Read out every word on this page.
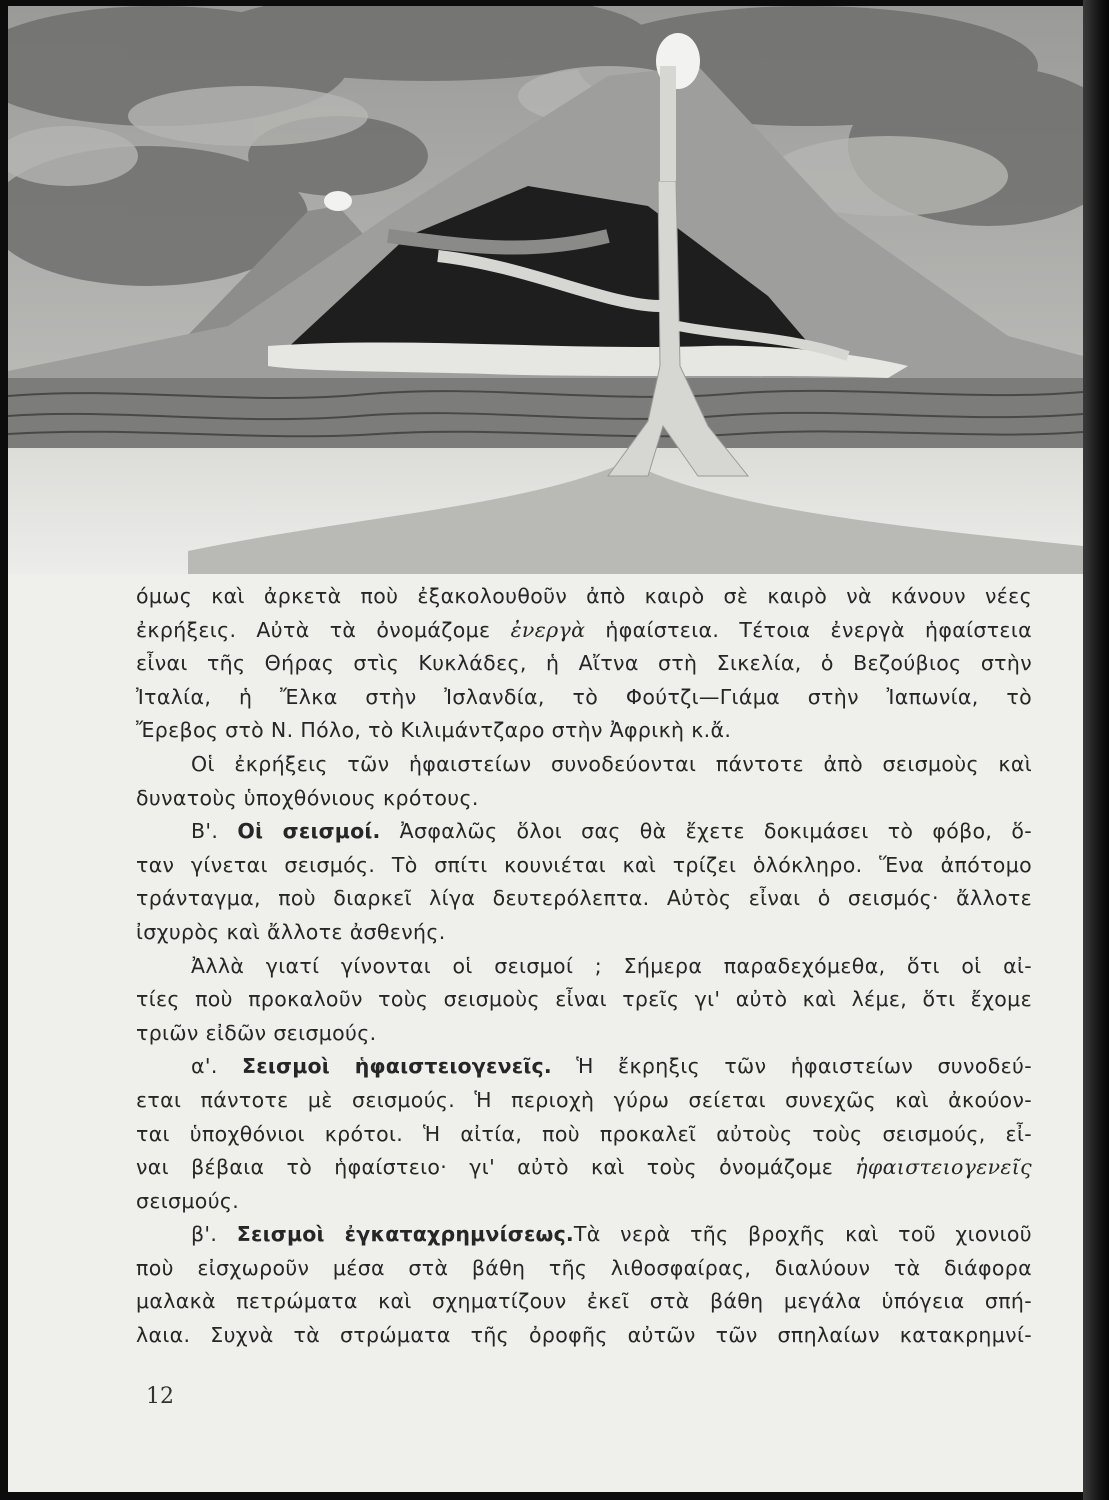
όμως καὶ ἀρκετὰ ποὺ ἐξακολουθοῦν ἀπὸ καιρὸ σὲ καιρὸ νὰ κάνουν νέες
ἐκρήξεις. Αὐτὰ τὰ ὀνομάζομε ἐνεργὰ ἡφαίστεια. Τέτοια ἐνεργὰ ἡφαίστεια
εἶναι τῆς Θήρας στὶς Κυκλάδες, ἡ Αἴτνα στὴ Σικελία, ὁ Βεζούβιος στὴν
Ἰταλία, ἡ Ἔλκα στὴν Ἰσλανδία, τὸ Φούτζι—Γιάμα στὴν Ἰαπωνία, τὸ
Ἔρεβος στὸ Ν. Πόλο, τὸ Κιλιμάντζαρο στὴν Ἀφρικὴ κ.ἄ.
Οἱ ἐκρήξεις τῶν ἡφαιστείων συνοδεύονται πάντοτε ἀπὸ σεισμοὺς καὶ
δυνατοὺς ὑποχθόνιους κρότους.
Β'. Οἱ σεισμοί. Ἀσφαλῶς ὅλοι σας θὰ ἔχετε δοκιμάσει τὸ φόβο, ὅ-
ταν γίνεται σεισμός. Τὸ σπίτι κουνιέται καὶ τρίζει ὁλόκληρο. Ἕνα ἀπότομο
τράνταγμα, ποὺ διαρκεῖ λίγα δευτερόλεπτα. Αὐτὸς εἶναι ὁ σεισμός· ἄλλοτε
ἰσχυρὸς καὶ ἄλλοτε ἀσθενής.
Ἀλλὰ γιατί γίνονται οἱ σεισμοί ; Σήμερα παραδεχόμεθα, ὅτι οἱ αἰ-
τίες ποὺ προκαλοῦν τοὺς σεισμοὺς εἶναι τρεῖς γι' αὐτὸ καὶ λέμε, ὅτι ἔχομε
τριῶν εἰδῶν σεισμούς.
α'. Σεισμοὶ ἡφαιστειογενεῖς. Ἡ ἔκρηξις τῶν ἡφαιστείων συνοδεύ-
εται πάντοτε μὲ σεισμούς. Ἡ περιοχὴ γύρω σείεται συνεχῶς καὶ ἀκούον-
ται ὑποχθόνιοι κρότοι. Ἡ αἰτία, ποὺ προκαλεῖ αὐτοὺς τοὺς σεισμούς, εἶ-
ναι βέβαια τὸ ἡφαίστειο· γι' αὐτὸ καὶ τοὺς ὀνομάζομε ἡφαιστειογενεῖς
σεισμούς.
β'. Σεισμοὶ ἐγκαταχρημνίσεως.Τὰ νερὰ τῆς βροχῆς καὶ τοῦ χιονιοῦ
ποὺ εἰσχωροῦν μέσα στὰ βάθη τῆς λιθοσφαίρας, διαλύουν τὰ διάφορα
μαλακὰ πετρώματα καὶ σχηματίζουν ἐκεῖ στὰ βάθη μεγάλα ὑπόγεια σπή-
λαια. Συχνὰ τὰ στρώματα τῆς ὀροφῆς αὐτῶν τῶν σπηλαίων κατακρημνί-
12
